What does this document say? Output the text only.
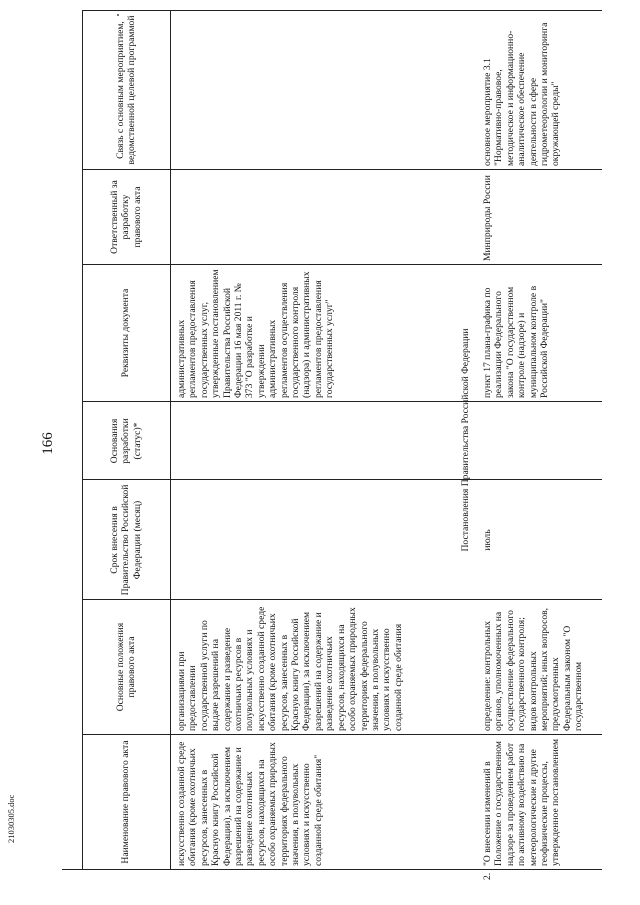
166
21030305.doc	Наименование правового акта
Основные положения правового акта
Срок внесения в Правительство Российской Федерации (месяц)
Основания разработки (статус)*
Реквизиты документа
Ответственный за разработку правового акта
Связь с основным мероприятием, ведомственной целевой программой
искусственно созданной среде обитания (кроме охотничьих ресурсов, занесенных в Красную книгу Российской Федерации), за исключением разрешений на содержание и разведение охотничьих ресурсов, находящихся на особо охраняемых природных территориях федерального значения, в полувольных условиях и искусственно созданной среде обитания"
организациями при предоставлении государственной услуги по выдаче разрешений на содержание и разведение охотничьих ресурсов в полувольных условиях и искусственно созданной среде обитания (кроме охотничьих ресурсов, занесенных в Красную книгу Российской Федерации), за исключением разрешений на содержание и разведение охотничьих ресурсов, находящихся на особо охраняемых природных территориях федерального значения, в полувольных условиях и искусственно созданной среде обитания
административных регламентов предоставления государственных услуг, утвержденные постановлением Правительства Российской Федерации 16 мая 2011 г. № 373 "О разработке и утверждении административных регламентов осуществления государственного контроля (надзора) и административных регламентов предоставления государственных услуг"	Постановления Правительства Российской Федерации
2.
"О внесении изменений в Положение о государственном надзоре за проведением работ по активному воздействию на метеорологические и другие геофизические процессы, утвержденное постановлением
определение: контрольных органов, уполномоченных на осуществление федерального государственного контроля; видов контрольных мероприятий; иных вопросов, предусмотренных Федеральным законом "О государственном
июль
пункт 17 плана-графика по реализации Федерального закона "О государственном контроле (надзоре) и муниципальном контроле в Российской Федерации"
Минприроды России
основное мероприятие 3.1 "Нормативно-правовое, методическое и информационно-аналитическое обеспечение деятельности в сфере гидрометеорологии и мониторинга окружающей среды"
